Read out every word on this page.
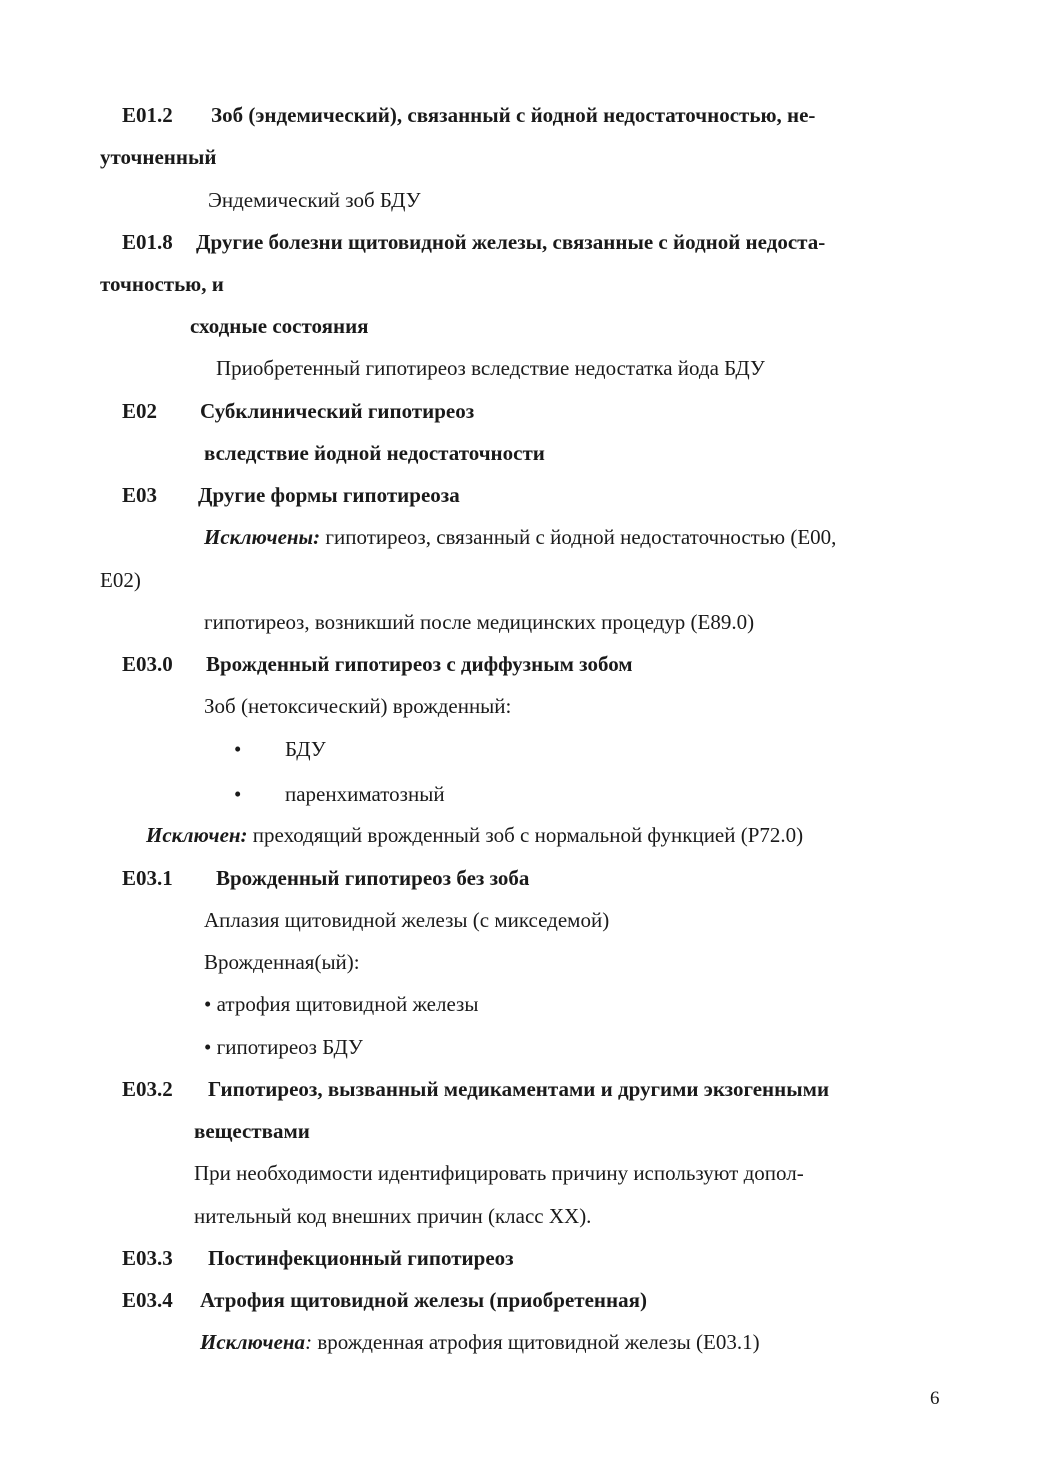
E01.2 Зоб (эндемический), связанный с йодной недостаточностью, не-
уточненный
Эндемический зоб БДУ
E01.8 Другие болезни щитовидной железы, связанные с йодной недоста-
точностью, и
сходные состояния
Приобретенный гипотиреоз вследствие недостатка йода БДУ
E02 Субклинический гипотиреоз
вследствие йодной недостаточности
E03 Другие формы гипотиреоза
Исключены: гипотиреоз, связанный с йодной недостаточностью (E00,
E02)
гипотиреоз, возникший после медицинских процедур (E89.0)
E03.0 Врожденный гипотиреоз с диффузным зобом
Зоб (нетоксический) врожденный:
• БДУ
• паренхиматозный
Исключен: преходящий врожденный зоб с нормальной функцией (P72.0)
E03.1 Врожденный гипотиреоз без зоба
Аплазия щитовидной железы (с микседемой)
Врожденная(ый):
• атрофия щитовидной железы
• гипотиреоз БДУ
E03.2 Гипотиреоз, вызванный медикаментами и другими экзогенными
веществами
При необходимости идентифицировать причину используют допол-
нительный код внешних причин (класс XX).
E03.3 Постинфекционный гипотиреоз
E03.4 Атрофия щитовидной железы (приобретенная)
Исключена: врожденная атрофия щитовидной железы (E03.1)
6
